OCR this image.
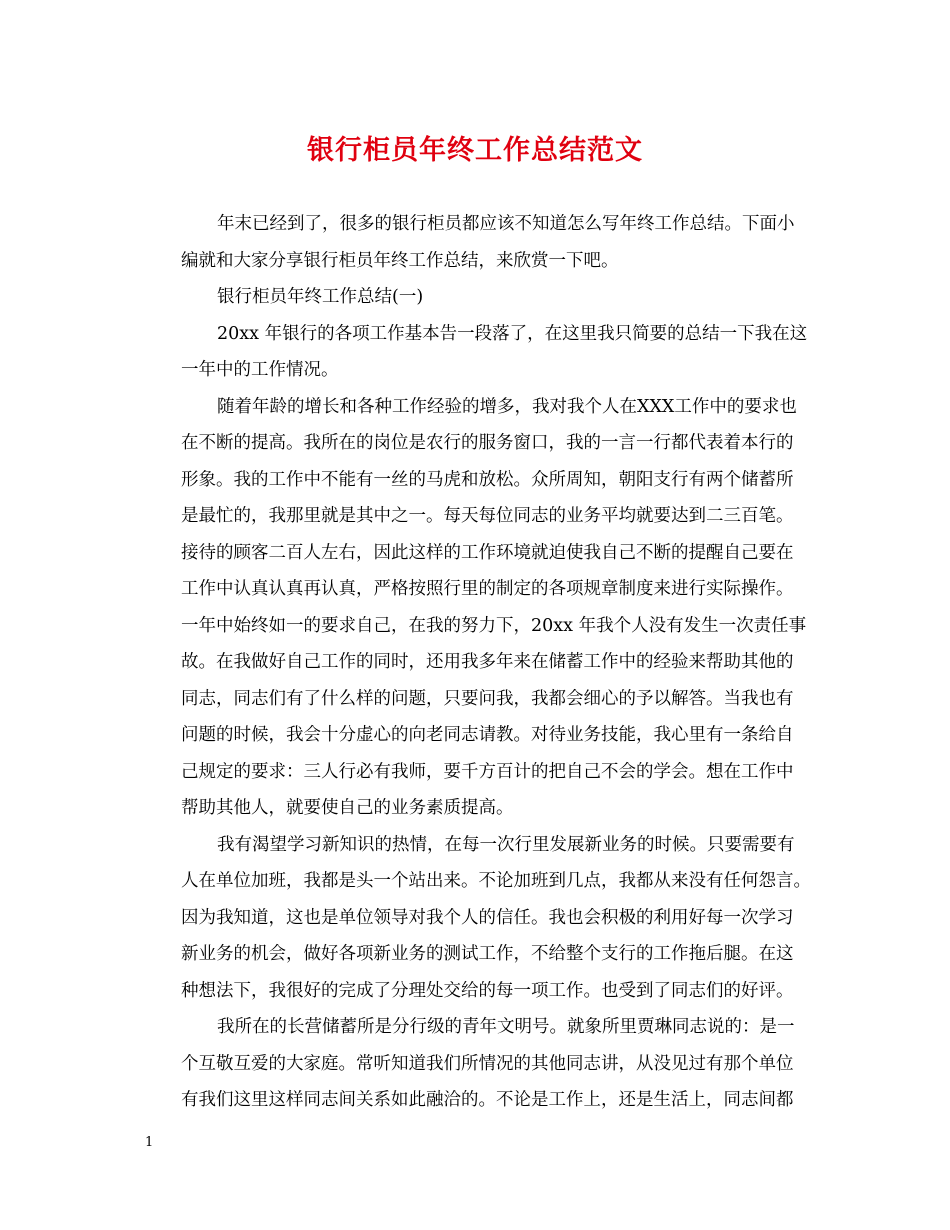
银行柜员年终工作总结范文

年末已经到了，很多的银行柜员都应该不知道怎么写年终工作总结。下面小
编就和大家分享银行柜员年终工作总结，来欣赏一下吧。

银行柜员年终工作总结(一)

20xx 年银行的各项工作基本告一段落了，在这里我只简要的总结一下我在这
一年中的工作情况。

随着年龄的增长和各种工作经验的增多，我对我个人在XXX工作中的要求也
在不断的提高。我所在的岗位是农行的服务窗口，我的一言一行都代表着本行的
形象。我的工作中不能有一丝的马虎和放松。众所周知，朝阳支行有两个储蓄所
是最忙的，我那里就是其中之一。每天每位同志的业务平均就要达到二三百笔。
接待的顾客二百人左右，因此这样的工作环境就迫使我自己不断的提醒自己要在
工作中认真认真再认真，严格按照行里的制定的各项规章制度来进行实际操作。
一年中始终如一的要求自己，在我的努力下，20xx 年我个人没有发生一次责任事
故。在我做好自己工作的同时，还用我多年来在储蓄工作中的经验来帮助其他的
同志，同志们有了什么样的问题，只要问我，我都会细心的予以解答。当我也有
问题的时候，我会十分虚心的向老同志请教。对待业务技能，我心里有一条给自
己规定的要求：三人行必有我师，要千方百计的把自己不会的学会。想在工作中
帮助其他人，就要使自己的业务素质提高。

我有渴望学习新知识的热情，在每一次行里发展新业务的时候。只要需要有
人在单位加班，我都是头一个站出来。不论加班到几点，我都从来没有任何怨言。
因为我知道，这也是单位领导对我个人的信任。我也会积极的利用好每一次学习
新业务的机会，做好各项新业务的测试工作，不给整个支行的工作拖后腿。在这
种想法下，我很好的完成了分理处交给的每一项工作。也受到了同志们的好评。

我所在的长营储蓄所是分行级的青年文明号。就象所里贾琳同志说的：是一
个互敬互爱的大家庭。常听知道我们所情况的其他同志讲，从没见过有那个单位
有我们这里这样同志间关系如此融洽的。不论是工作上，还是生活上，同志间都

1
